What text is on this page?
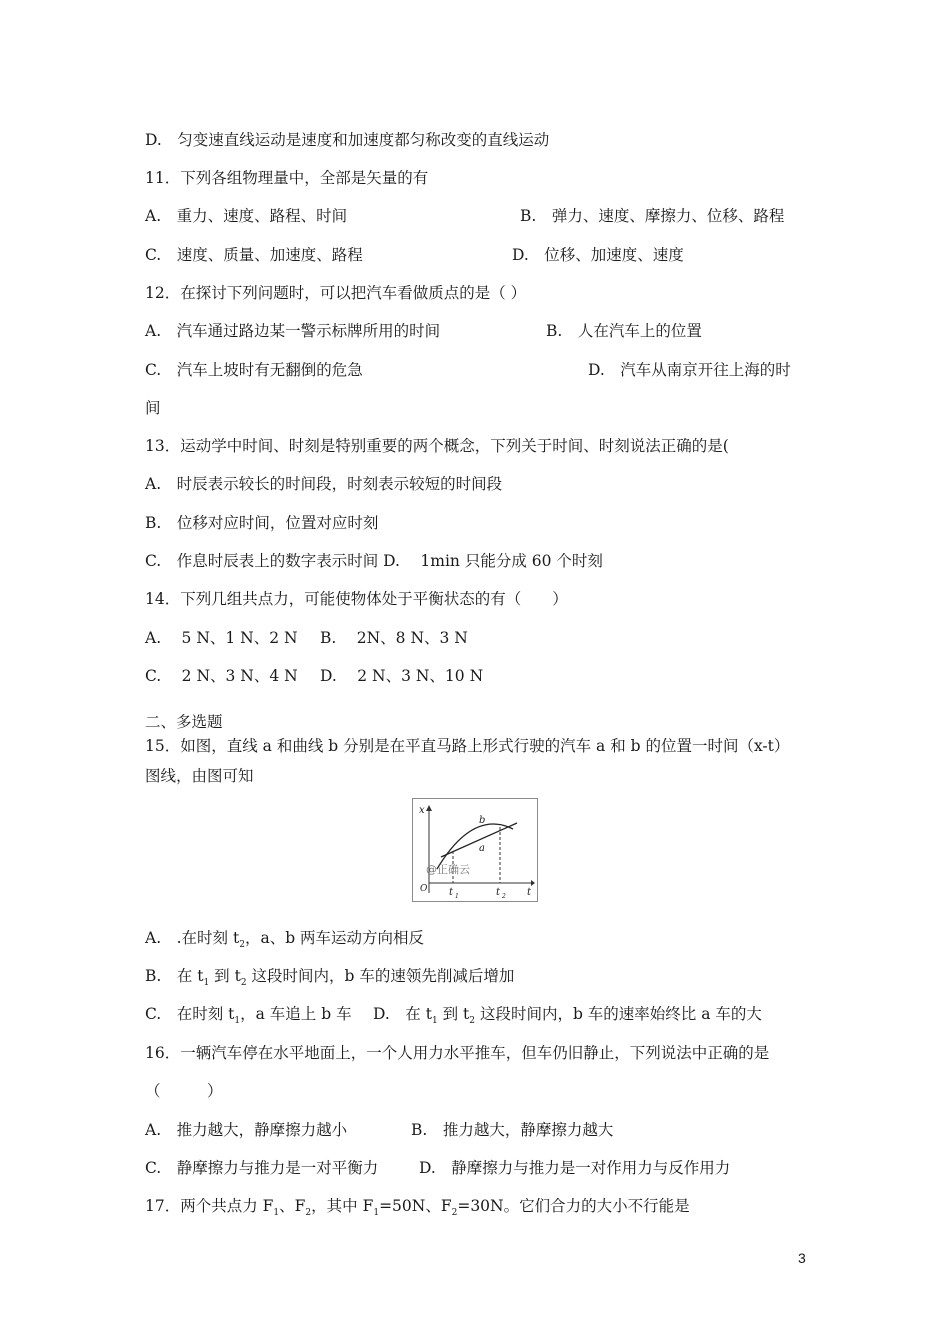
D.　匀变速直线运动是速度和加速度都匀称改变的直线运动
11．下列各组物理量中，全部是矢量的有
A.　重力、速度、路程、时间	B.　弹力、速度、摩擦力、位移、路程
C.　速度、质量、加速度、路程	D.　位移、加速度、速度
12．在探讨下列问题时，可以把汽车看做质点的是（ ）
A.　汽车通过路边某一警示标牌所用的时间	B.　人在汽车上的位置
C.　汽车上坡时有无翻倒的危急	D.　汽车从南京开往上海的时
间
13．运动学中时间、时刻是特别重要的两个概念，下列关于时间、时刻说法正确的是(
A.　时辰表示较长的时间段，时刻表示较短的时间段
B.　位移对应时间，位置对应时刻
C.　作息时辰表上的数字表示时间 D.　 1min 只能分成 60 个时刻
14．下列几组共点力，可能使物体处于平衡状态的有（　　）
A.　 5 N、1 N、2 N B.　 2N、8 N、3 N
C.　 2 N、3 N、4 N D.　 2 N、3 N、10 N
二、多选题
15．如图，直线 a 和曲线 b 分别是在平直马路上形式行驶的汽车 a 和 b 的位置一时间（x-t）
图线，由图可知
x
O	t
b
a
@正确云
t 1	t 2
A.　.在时刻 $t_2$，a、b 两车运动方向相反
B.　在 $t_1$ 到 $t_2$ 这段时间内，b 车的速领先削减后增加
C.　在时刻 $t_1$，a 车追上 b 车 D.　在 $t_1$ 到 $t_2$ 这段时间内，b 车的速率始终比 a 车的大
16．一辆汽车停在水平地面上，一个人用力水平推车，但车仍旧静止，下列说法中正确的是
（　　　）
A.　推力越大，静摩擦力越小	B.　推力越大，静摩擦力越大
C.　静摩擦力与推力是一对平衡力	D.　静摩擦力与推力是一对作用力与反作用力
17．两个共点力 $F_1$、$F_2$，其中 $F_1=50N$、$F_2=30N$。它们合力的大小不行能是
3
